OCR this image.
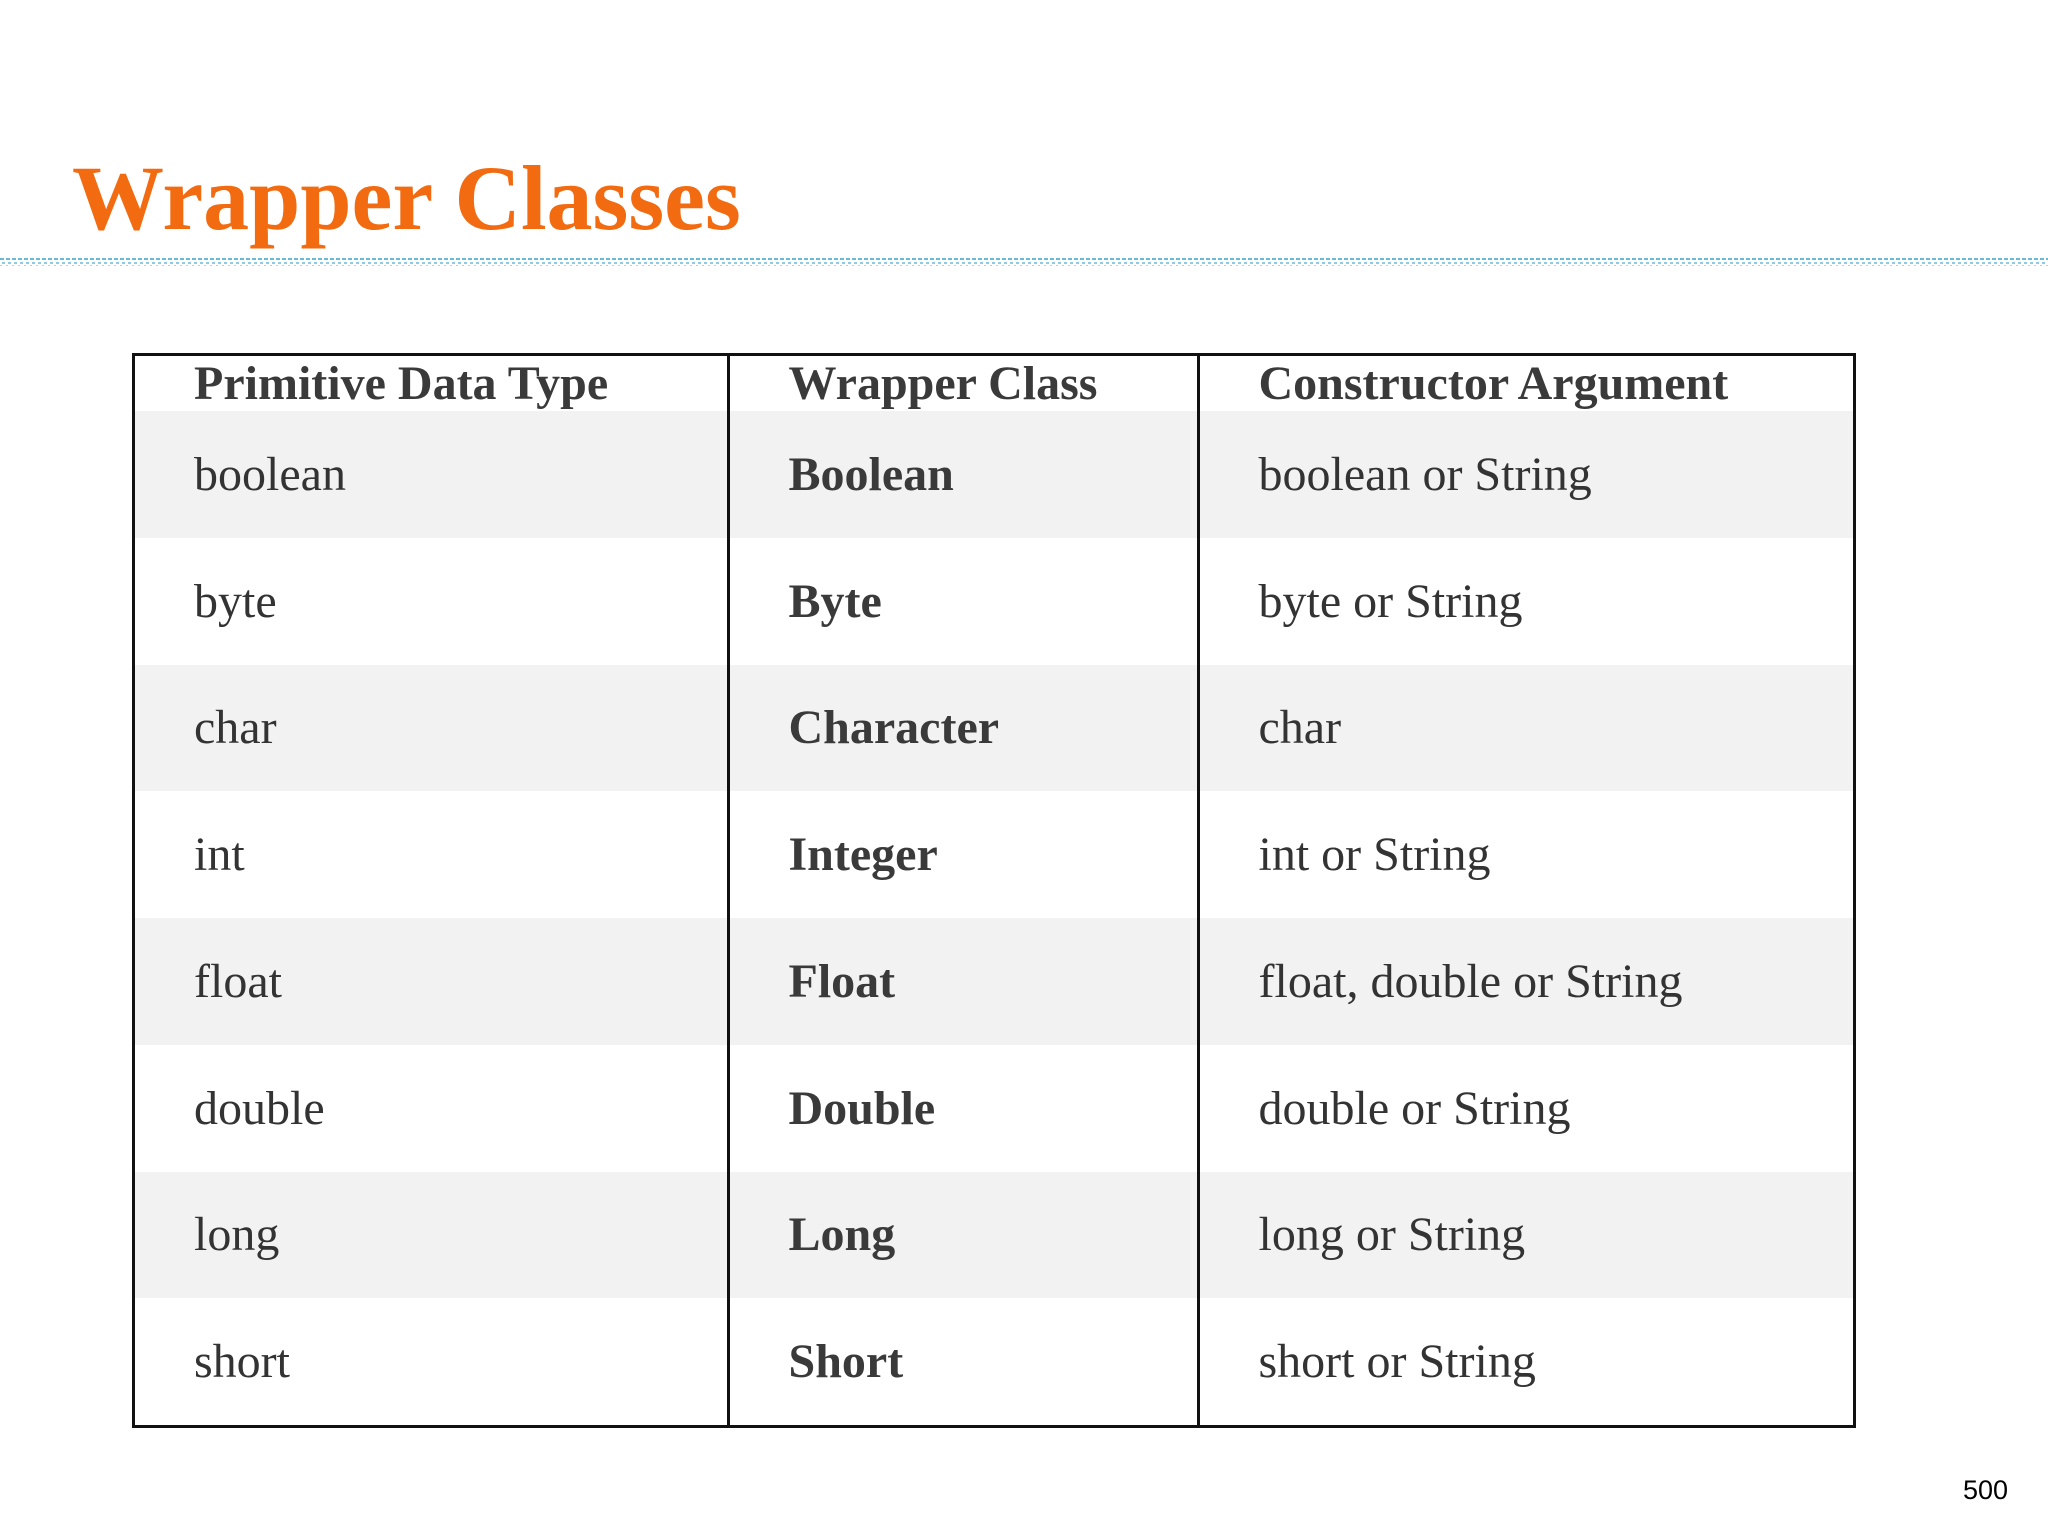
Wrapper Classes
Primitive Data Type	Wrapper Class	Constructor Argument
boolean	Boolean	boolean or String
byte	Byte	byte or String
char	Character	char
int	Integer	int or String
float	Float	float, double or String
double	Double	double or String
long	Long	long or String
short	Short	short or String
500
